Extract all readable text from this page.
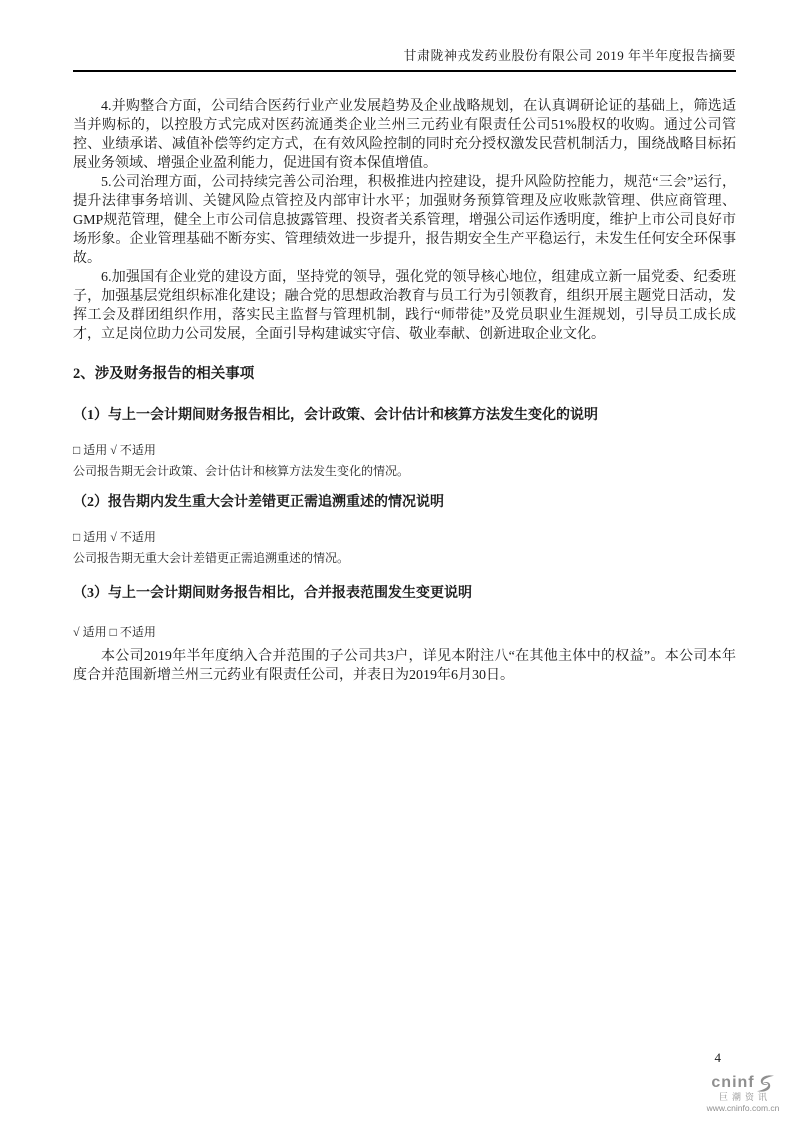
甘肃陇神戎发药业股份有限公司 2019 年半年度报告摘要

4.并购整合方面，公司结合医药行业产业发展趋势及企业战略规划，在认真调研论证的基础上，筛选适当并购标的，以控股方式完成对医药流通类企业兰州三元药业有限责任公司51%股权的收购。通过公司管控、业绩承诺、减值补偿等约定方式，在有效风险控制的同时充分授权激发民营机制活力，围绕战略目标拓展业务领域、增强企业盈利能力，促进国有资本保值增值。

5.公司治理方面，公司持续完善公司治理，积极推进内控建设，提升风险防控能力，规范“三会”运行，提升法律事务培训、关键风险点管控及内部审计水平；加强财务预算管理及应收账款管理、供应商管理、GMP规范管理，健全上市公司信息披露管理、投资者关系管理，增强公司运作透明度，维护上市公司良好市场形象。企业管理基础不断夯实、管理绩效进一步提升，报告期安全生产平稳运行，未发生任何安全环保事故。

6.加强国有企业党的建设方面，坚持党的领导，强化党的领导核心地位，组建成立新一届党委、纪委班子，加强基层党组织标准化建设；融合党的思想政治教育与员工行为引领教育，组织开展主题党日活动，发挥工会及群团组织作用，落实民主监督与管理机制，践行“师带徒”及党员职业生涯规划，引导员工成长成才，立足岗位助力公司发展，全面引导构建诚实守信、敬业奉献、创新进取企业文化。

2、涉及财务报告的相关事项
（1）与上一会计期间财务报告相比，会计政策、会计估计和核算方法发生变化的说明
□ 适用 √ 不适用
公司报告期无会计政策、会计估计和核算方法发生变化的情况。
（2）报告期内发生重大会计差错更正需追溯重述的情况说明
□ 适用 √ 不适用
公司报告期无重大会计差错更正需追溯重述的情况。
（3）与上一会计期间财务报告相比，合并报表范围发生变更说明
√ 适用 □ 不适用

本公司2019年半年度纳入合并范围的子公司共3户，详见本附注八“在其他主体中的权益”。本公司本年度合并范围新增兰州三元药业有限责任公司，并表日为2019年6月30日。

4
cninf
巨潮资讯
www.cninfo.com.cn
